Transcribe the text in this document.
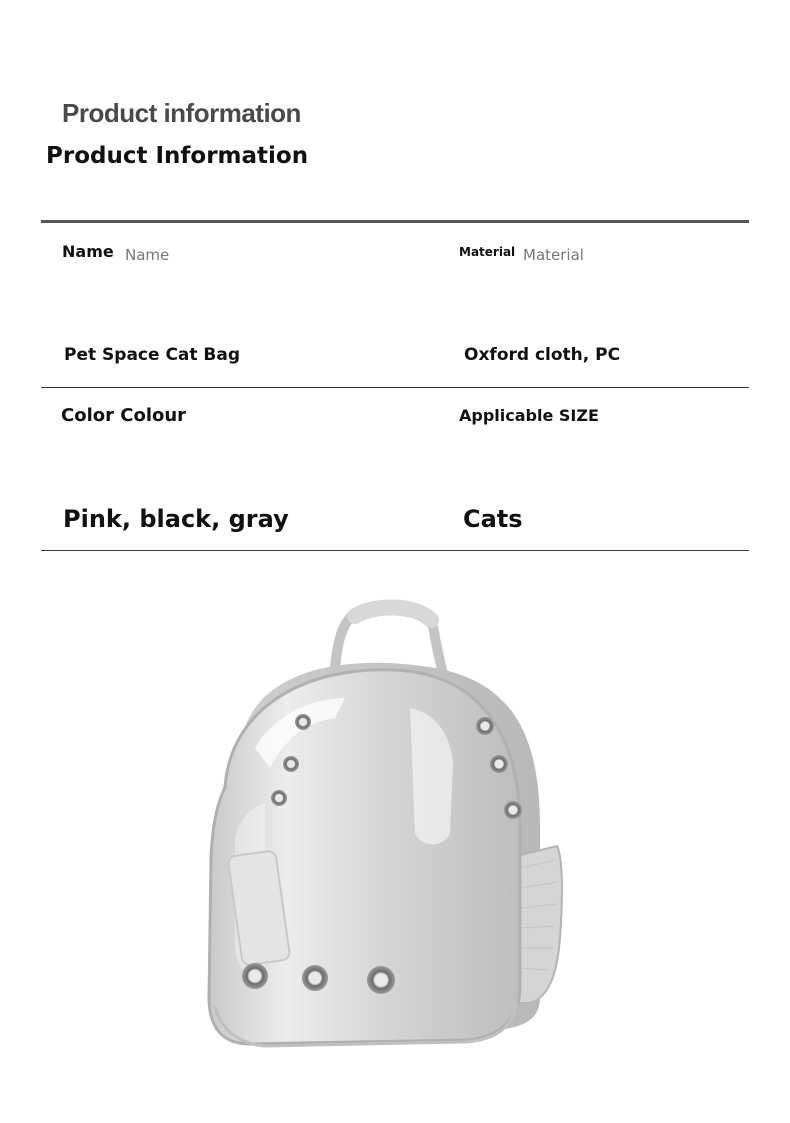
Product information
Product Information
Name Name	Material Material
Pet Space Cat Bag	Oxford cloth, PC
Color Colour	Applicable SIZE
Pink, black, gray	Cats
